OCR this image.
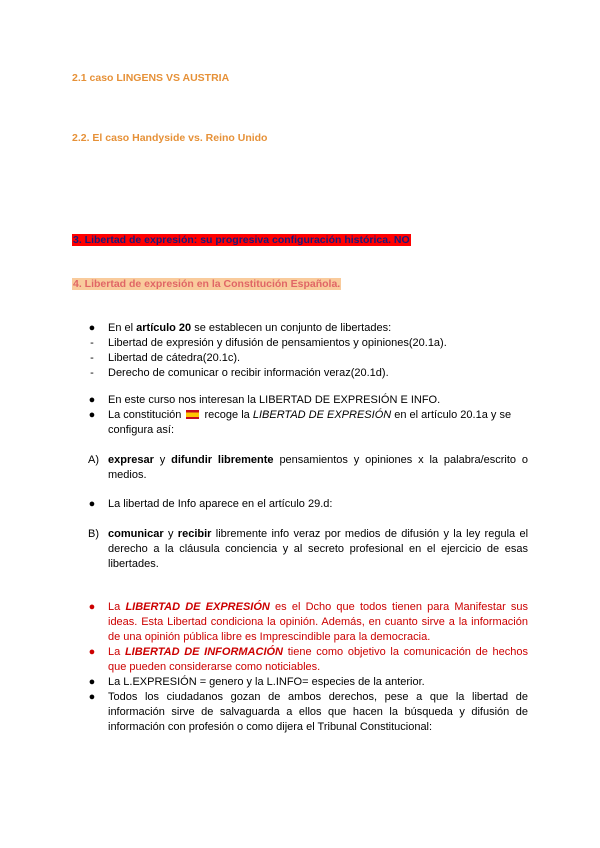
2.1 caso LINGENS VS AUSTRIA
2.2. El caso Handyside vs. Reino Unido
3. Libertad de expresión: su progresiva configuración histórica. NO
4. Libertad de expresión en la Constitución Española.
● En el artículo 20 se establecen un conjunto de libertades:
- Libertad de expresión y difusión de pensamientos y opiniones(20.1a).
- Libertad de cátedra(20.1c).
- Derecho de comunicar o recibir información veraz(20.1d).
● En este curso nos interesan la LIBERTAD DE EXPRESIÓN E INFO.
● La constitución recoge la LIBERTAD DE EXPRESIÓN en el artículo 20.1a y se
configura así:
A) expresar y difundir libremente pensamientos y opiniones x la palabra/escrito o
medios.
● La libertad de Info aparece en el artículo 29.d:
B) comunicar y recibir libremente info veraz por medios de difusión y la ley regula el
derecho a la cláusula conciencia y al secreto profesional en el ejercicio de esas
libertades.
● La LIBERTAD DE EXPRESIÓN es el Dcho que todos tienen para Manifestar sus
ideas. Esta Libertad condiciona la opinión. Además, en cuanto sirve a la información
de una opinión pública libre es Imprescindible para la democracia.
● La LIBERTAD DE INFORMACIÓN tiene como objetivo la comunicación de hechos
que pueden considerarse como noticiables.
● La L.EXPRESIÓN = genero y la L.INFO= especies de la anterior.
● Todos los ciudadanos gozan de ambos derechos, pese a que la libertad de
información sirve de salvaguarda a ellos que hacen la búsqueda y difusión de
información con profesión o como dijera el Tribunal Constitucional:
